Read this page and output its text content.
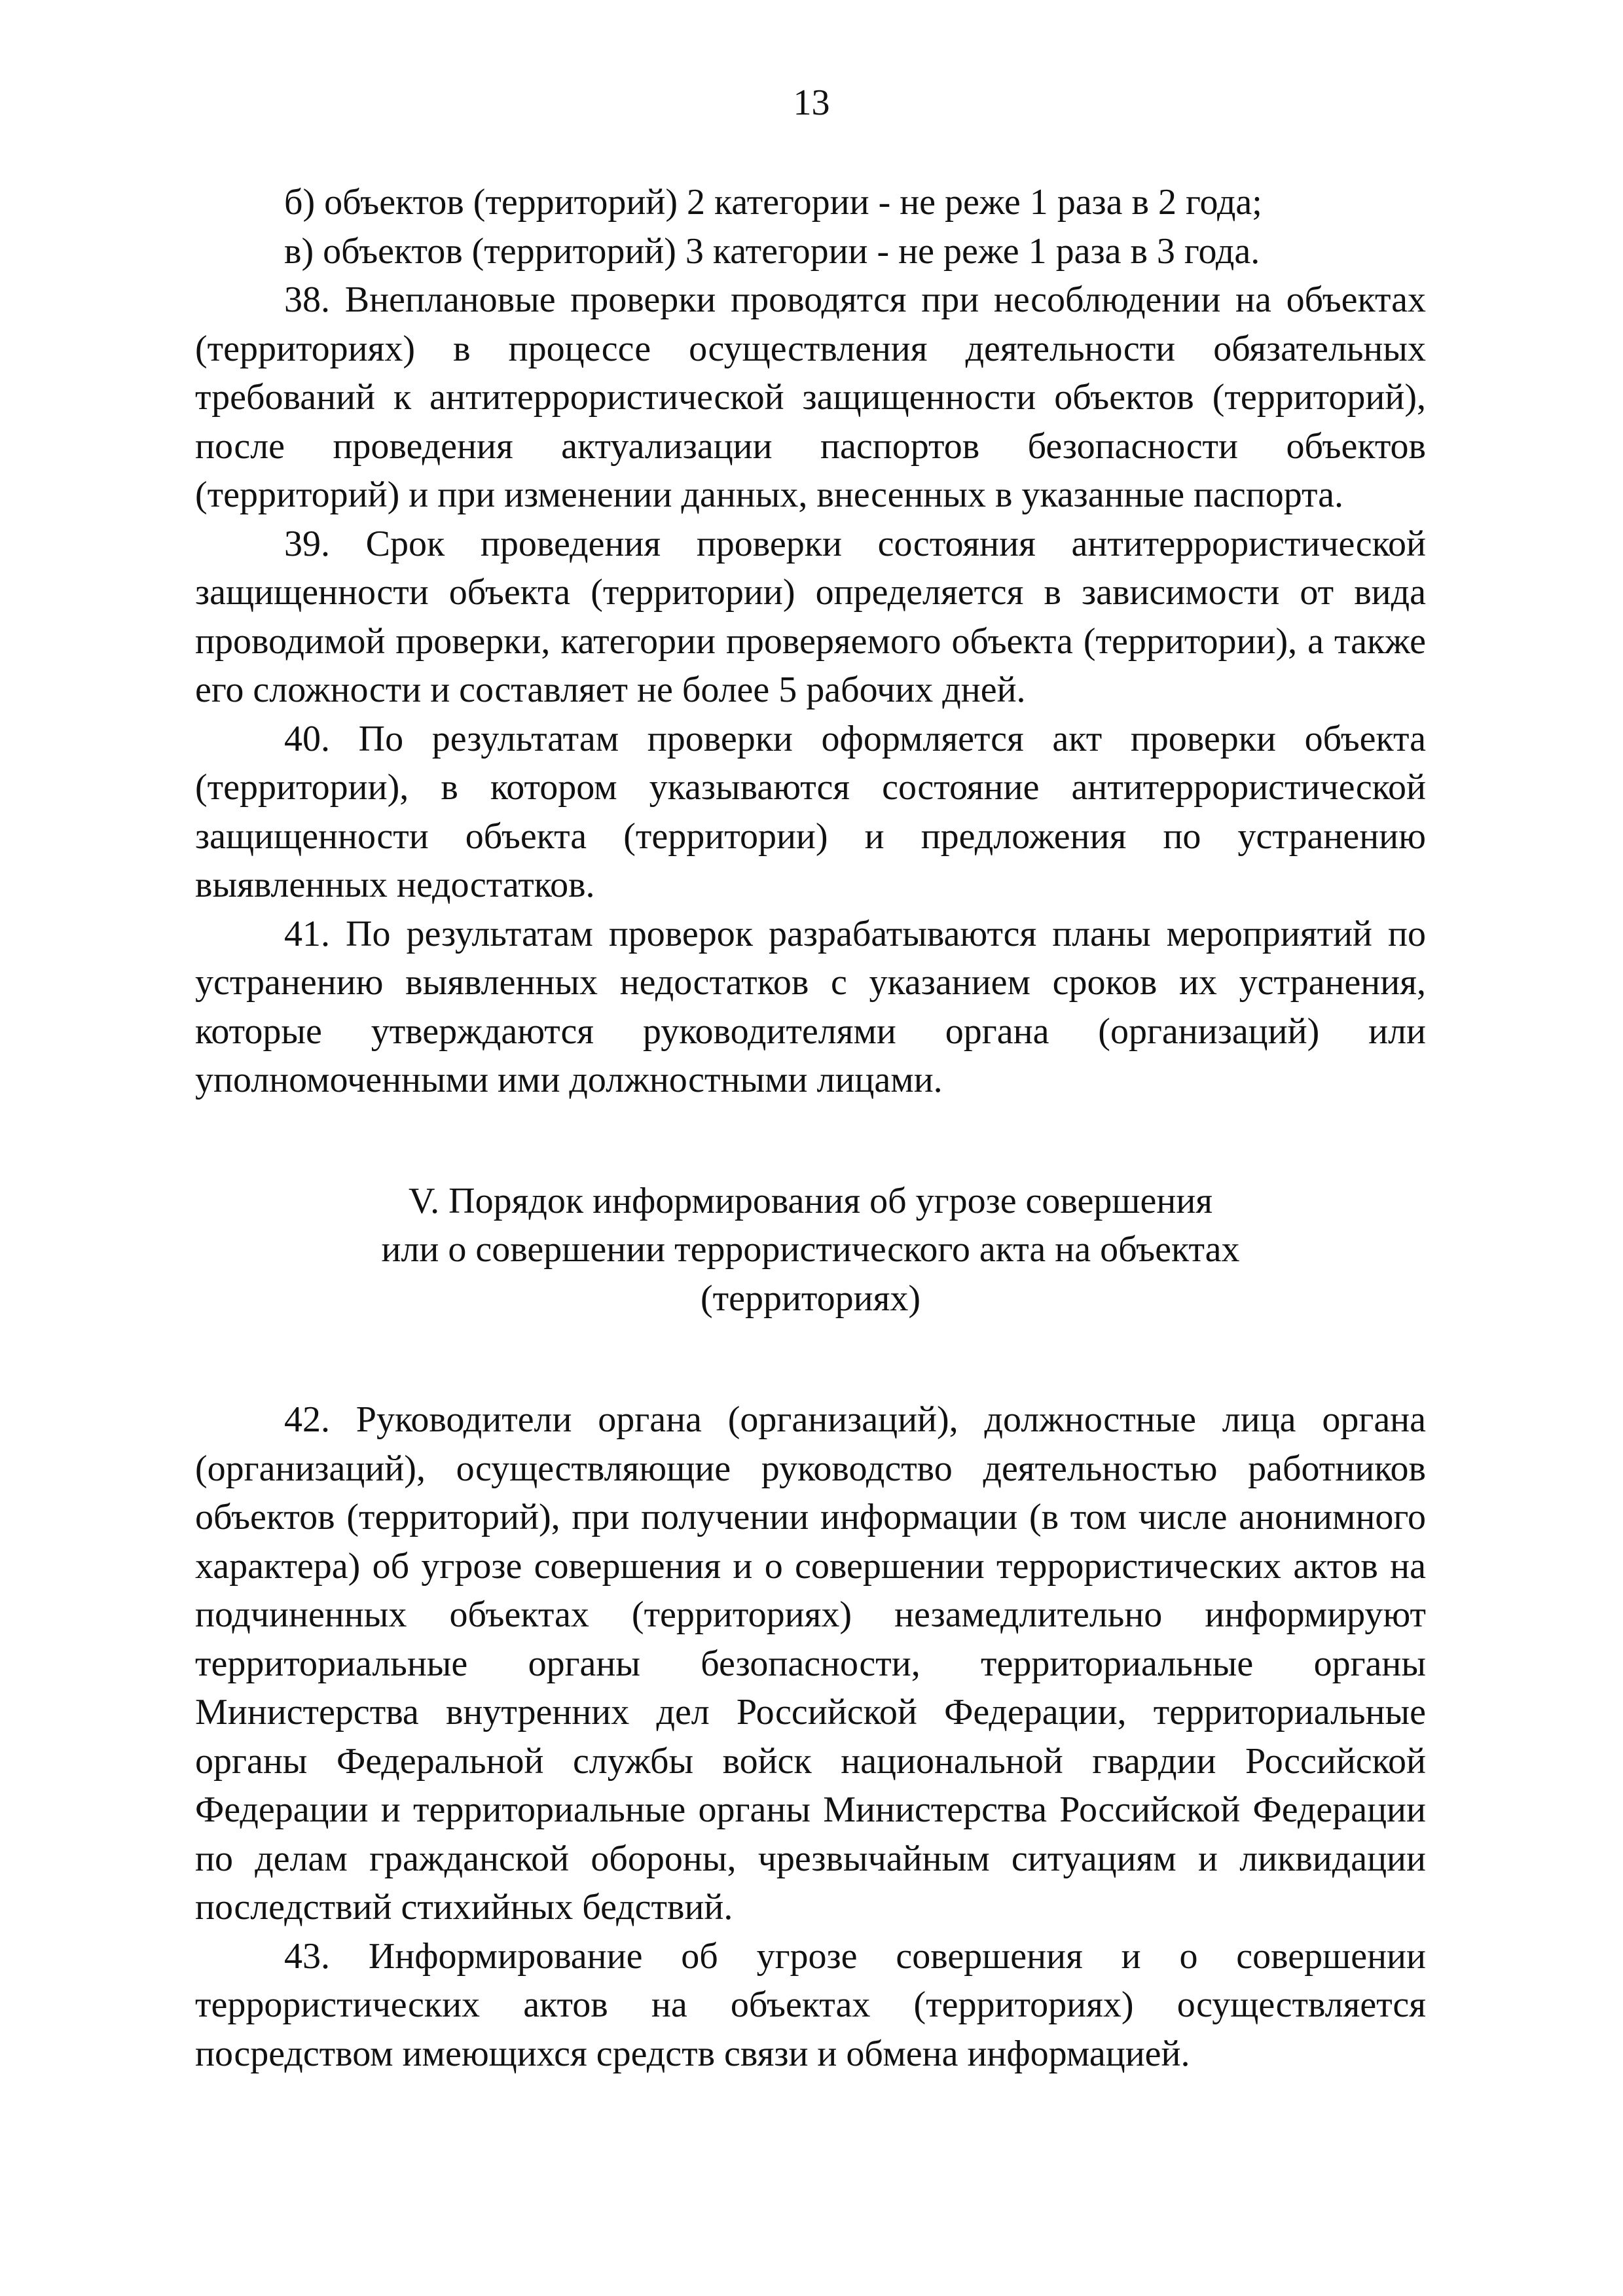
13

б) объектов (территорий) 2 категории - не реже 1 раза в 2 года;

в) объектов (территорий) 3 категории - не реже 1 раза в 3 года.

38. Внеплановые проверки проводятся при несоблюдении на объектах (территориях) в процессе осуществления деятельности обязательных требований к антитеррористической защищенности объектов (территорий), после проведения актуализации паспортов безопасности объектов (территорий) и при изменении данных, внесенных в указанные паспорта.

39. Срок проведения проверки состояния антитеррористической защищенности объекта (территории) определяется в зависимости от вида проводимой проверки, категории проверяемого объекта (территории), а также его сложности и составляет не более 5 рабочих дней.

40. По результатам проверки оформляется акт проверки объекта (территории), в котором указываются состояние антитеррористической защищенности объекта (территории) и предложения по устранению выявленных недостатков.

41. По результатам проверок разрабатываются планы мероприятий по устранению выявленных недостатков с указанием сроков их устранения, которые утверждаются руководителями органа (организаций) или уполномоченными ими должностными лицами.

V. Порядок информирования об угрозе совершения
или о совершении террористического акта на объектах
(территориях)

42. Руководители органа (организаций), должностные лица органа (организаций), осуществляющие руководство деятельностью работников объектов (территорий), при получении информации (в том числе анонимного характера) об угрозе совершения и о совершении террористических актов на подчиненных объектах (территориях) незамедлительно информируют территориальные органы безопасности, территориальные органы Министерства внутренних дел Российской Федерации, территориальные органы Федеральной службы войск национальной гвардии Российской Федерации и территориальные органы Министерства Российской Федерации по делам гражданской обороны, чрезвычайным ситуациям и ликвидации последствий стихийных бедствий.

43. Информирование об угрозе совершения и о совершении террористических актов на объектах (территориях) осуществляется посредством имеющихся средств связи и обмена информацией.
